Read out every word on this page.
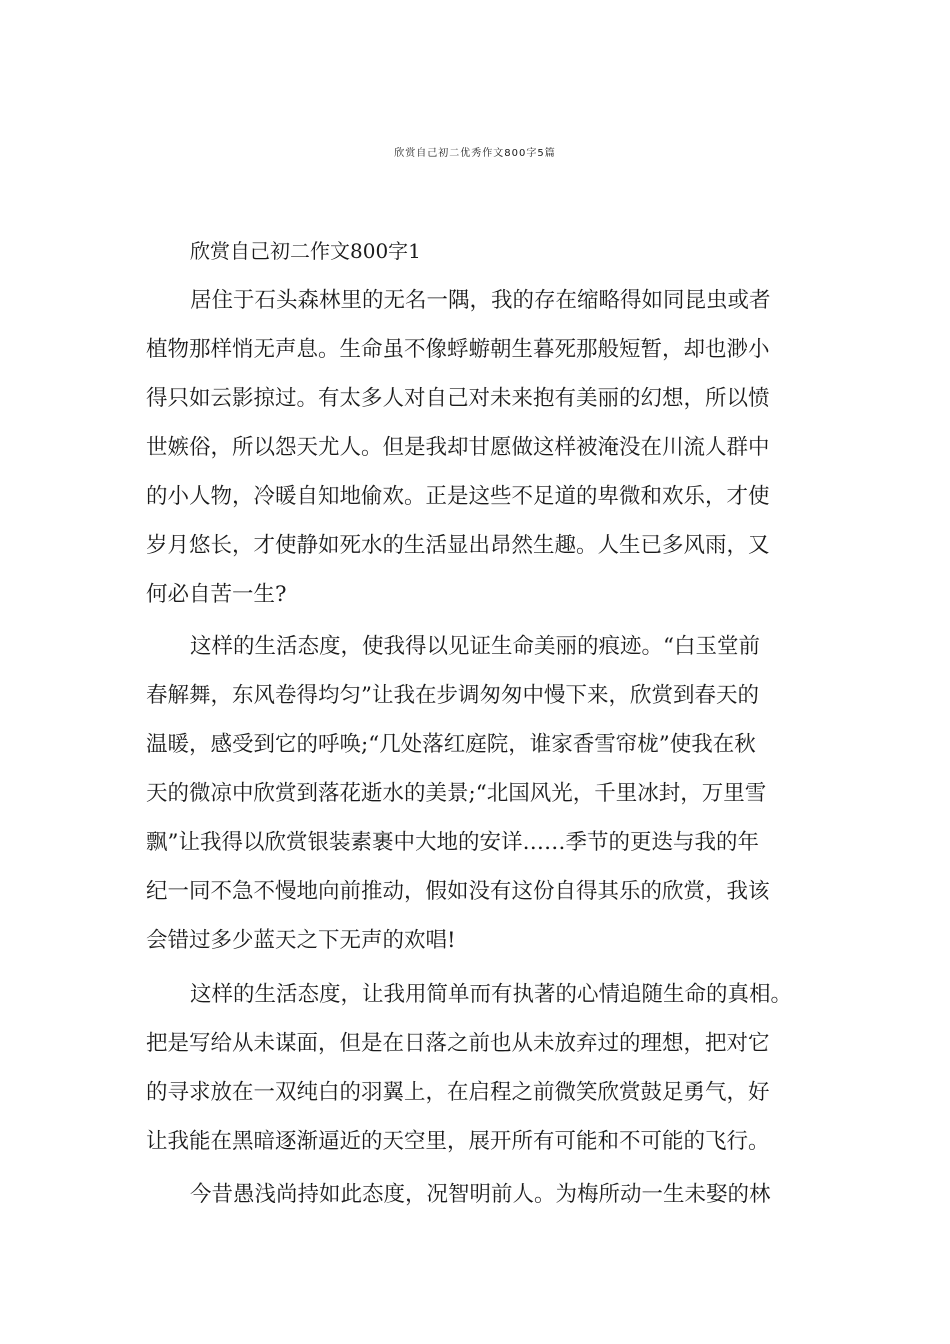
欣赏自己初二优秀作文800字5篇

欣赏自己初二作文800字1

居住于石头森林里的无名一隅，我的存在缩略得如同昆虫或者

植物那样悄无声息。生命虽不像蜉蝣朝生暮死那般短暂，却也渺小

得只如云影掠过。有太多人对自己对未来抱有美丽的幻想，所以愤

世嫉俗，所以怨天尤人。但是我却甘愿做这样被淹没在川流人群中

的小人物，冷暖自知地偷欢。正是这些不足道的卑微和欢乐，才使

岁月悠长，才使静如死水的生活显出昂然生趣。人生已多风雨，又

何必自苦一生?

这样的生活态度，使我得以见证生命美丽的痕迹。“白玉堂前

春解舞，东风卷得均匀”让我在步调匆匆中慢下来，欣赏到春天的

温暖，感受到它的呼唤;“几处落红庭院，谁家香雪帘栊”使我在秋

天的微凉中欣赏到落花逝水的美景;“北国风光，千里冰封，万里雪

飘”让我得以欣赏银装素裹中大地的安详……季节的更迭与我的年

纪一同不急不慢地向前推动，假如没有这份自得其乐的欣赏，我该

会错过多少蓝天之下无声的欢唱!

这样的生活态度，让我用简单而有执著的心情追随生命的真相。

把是写给从未谋面，但是在日落之前也从未放弃过的理想，把对它

的寻求放在一双纯白的羽翼上，在启程之前微笑欣赏鼓足勇气，好

让我能在黑暗逐渐逼近的天空里，展开所有可能和不可能的飞行。

今昔愚浅尚持如此态度，况智明前人。为梅所动一生未娶的林
